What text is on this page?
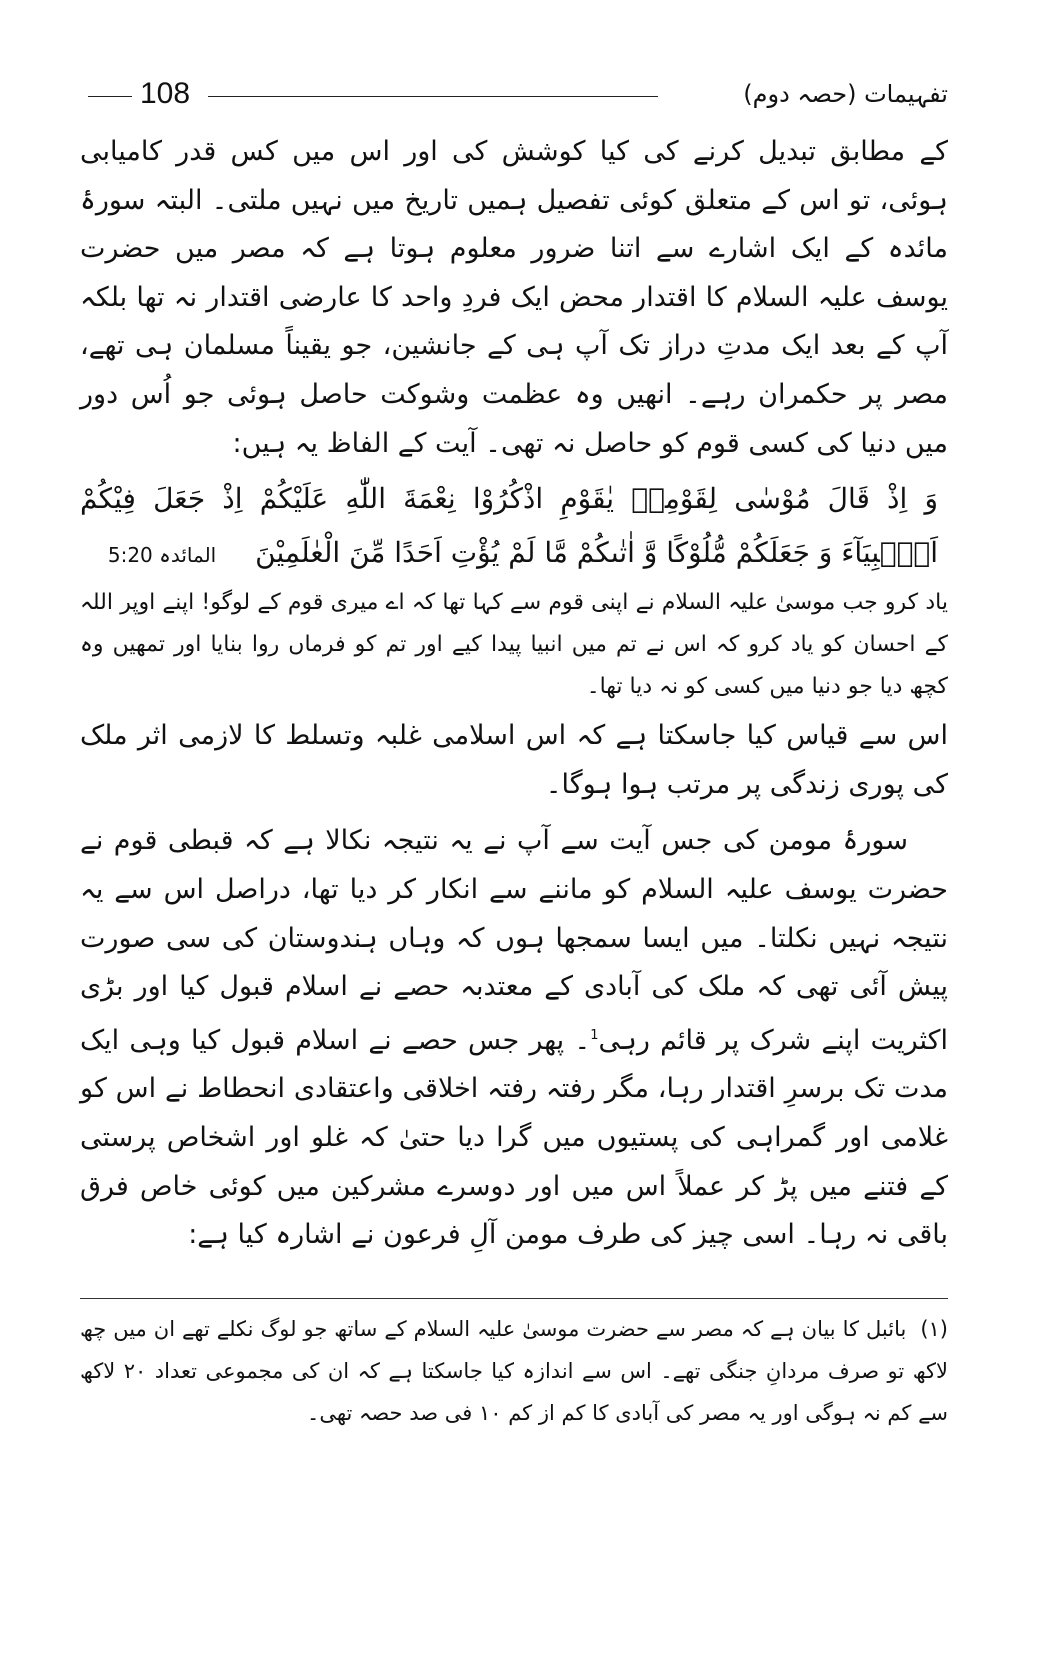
108	تفہیمات (حصہ دوم)

کے مطابق تبدیل کرنے کی کیا کوشش کی اور اس میں کس قدر کامیابی ہوئی، تو اس کے متعلق کوئی تفصیل ہمیں تاریخ میں نہیں ملتی۔ البتہ سورۂ مائدہ کے ایک اشارے سے اتنا ضرور معلوم ہوتا ہے کہ مصر میں حضرت یوسف علیہ السلام کا اقتدار محض ایک فردِ واحد کا عارضی اقتدار نہ تھا بلکہ آپ کے بعد ایک مدتِ دراز تک آپ ہی کے جانشین، جو یقیناً مسلمان ہی تھے، مصر پر حکمران رہے۔ انھیں وہ عظمت وشوکت حاصل ہوئی جو اُس دور میں دنیا کی کسی قوم کو حاصل نہ تھی۔ آیت کے الفاظ یہ ہیں:

وَ اِذْ قَالَ مُوْسٰى لِقَوْمِهٖ يٰقَوْمِ اذْكُرُوْا نِعْمَةَ اللّٰهِ عَلَيْكُمْ اِذْ جَعَلَ فِيْكُمْ اَنْۢبِيَآءَ وَ جَعَلَكُمْ مُّلُوْكًا وَّ اٰتٰىكُمْ مَّا لَمْ يُؤْتِ اَحَدًا مِّنَ الْعٰلَمِيْنَ المائدہ 5:20

یاد کرو جب موسیٰ علیہ السلام نے اپنی قوم سے کہا تھا کہ اے میری قوم کے لوگو! اپنے اوپر اللہ کے احسان کو یاد کرو کہ اس نے تم میں انبیا پیدا کیے اور تم کو فرماں روا بنایا اور تمھیں وہ کچھ دیا جو دنیا میں کسی کو نہ دیا تھا۔

اس سے قیاس کیا جاسکتا ہے کہ اس اسلامی غلبہ وتسلط کا لازمی اثر ملک کی پوری زندگی پر مرتب ہوا ہوگا۔

سورۂ مومن کی جس آیت سے آپ نے یہ نتیجہ نکالا ہے کہ قبطی قوم نے حضرت یوسف علیہ السلام کو ماننے سے انکار کر دیا تھا، دراصل اس سے یہ نتیجہ نہیں نکلتا۔ میں ایسا سمجھا ہوں کہ وہاں ہندوستان کی سی صورت پیش آئی تھی کہ ملک کی آبادی کے معتدبہ حصے نے اسلام قبول کیا اور بڑی اکثریت اپنے شرک پر قائم رہی$^1$۔ پھر جس حصے نے اسلام قبول کیا وہی ایک مدت تک برسرِ اقتدار رہا، مگر رفتہ رفتہ اخلاقی واعتقادی انحطاط نے اس کو غلامی اور گمراہی کی پستیوں میں گرا دیا حتیٰ کہ غلو اور اشخاص پرستی کے فتنے میں پڑ کر عملاً اس میں اور دوسرے مشرکین میں کوئی خاص فرق باقی نہ رہا۔ اسی چیز کی طرف مومن آلِ فرعون نے اشارہ کیا ہے:

(۱)بائبل کا بیان ہے کہ مصر سے حضرت موسیٰ علیہ السلام کے ساتھ جو لوگ نکلے تھے ان میں چھ لاکھ تو صرف مردانِ جنگی تھے۔ اس سے اندازہ کیا جاسکتا ہے کہ ان کی مجموعی تعداد ۲۰ لاکھ سے کم نہ ہوگی اور یہ مصر کی آبادی کا کم از کم ۱۰ فی صد حصہ تھی۔
